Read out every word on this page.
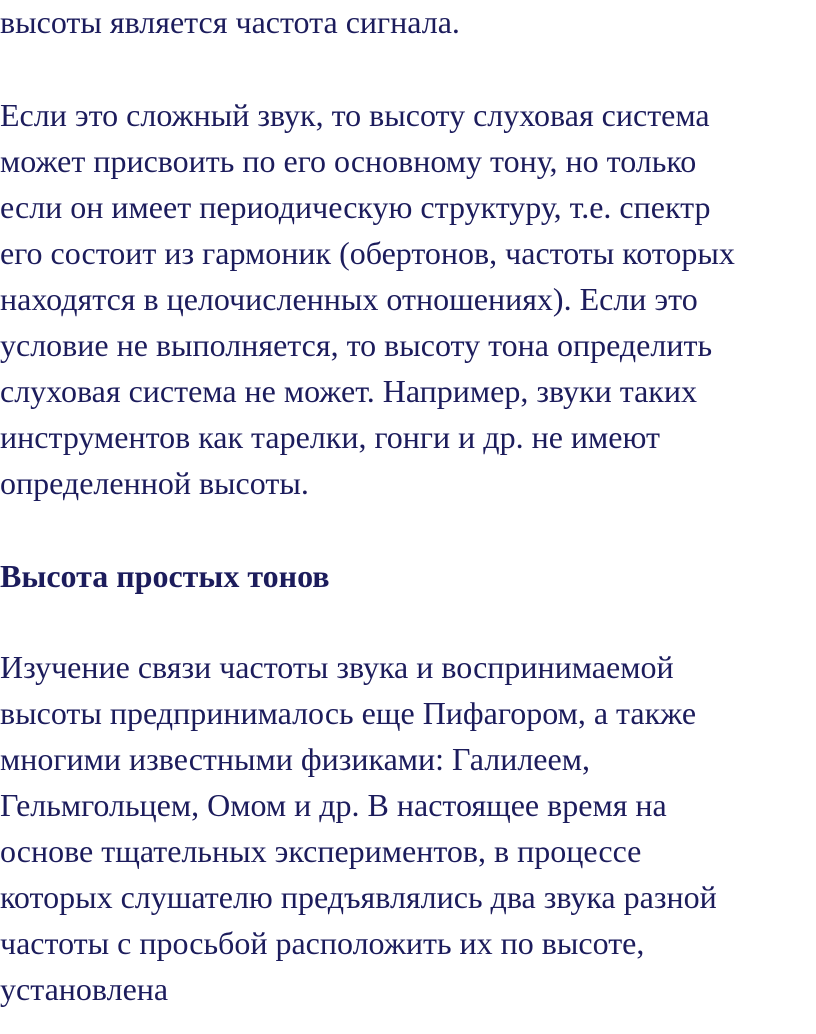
высоты является частота сигнала.
Если это сложный звук, то высоту слуховая система
может присвоить по его основному тону, но только
если он имеет периодическую структуру, т.е. спектр
его состоит из гармоник (обертонов, частоты которых
находятся в целочисленных отношениях). Если это
условие не выполняется, то высоту тона определить
слуховая система не может. Например, звуки таких
инструментов как тарелки, гонги и др. не имеют
определенной высоты.
Высота простых тонов
Изучение связи частоты звука и воспринимаемой
высоты предпринималось еще Пифагором, а также
многими известными физиками: Галилеем,
Гельмгольцем, Омом и др. В настоящее время на
основе тщательных экспериментов, в процессе
которых слушателю предъявлялись два звука разной
частоты с просьбой расположить их по высоте,
установлена
